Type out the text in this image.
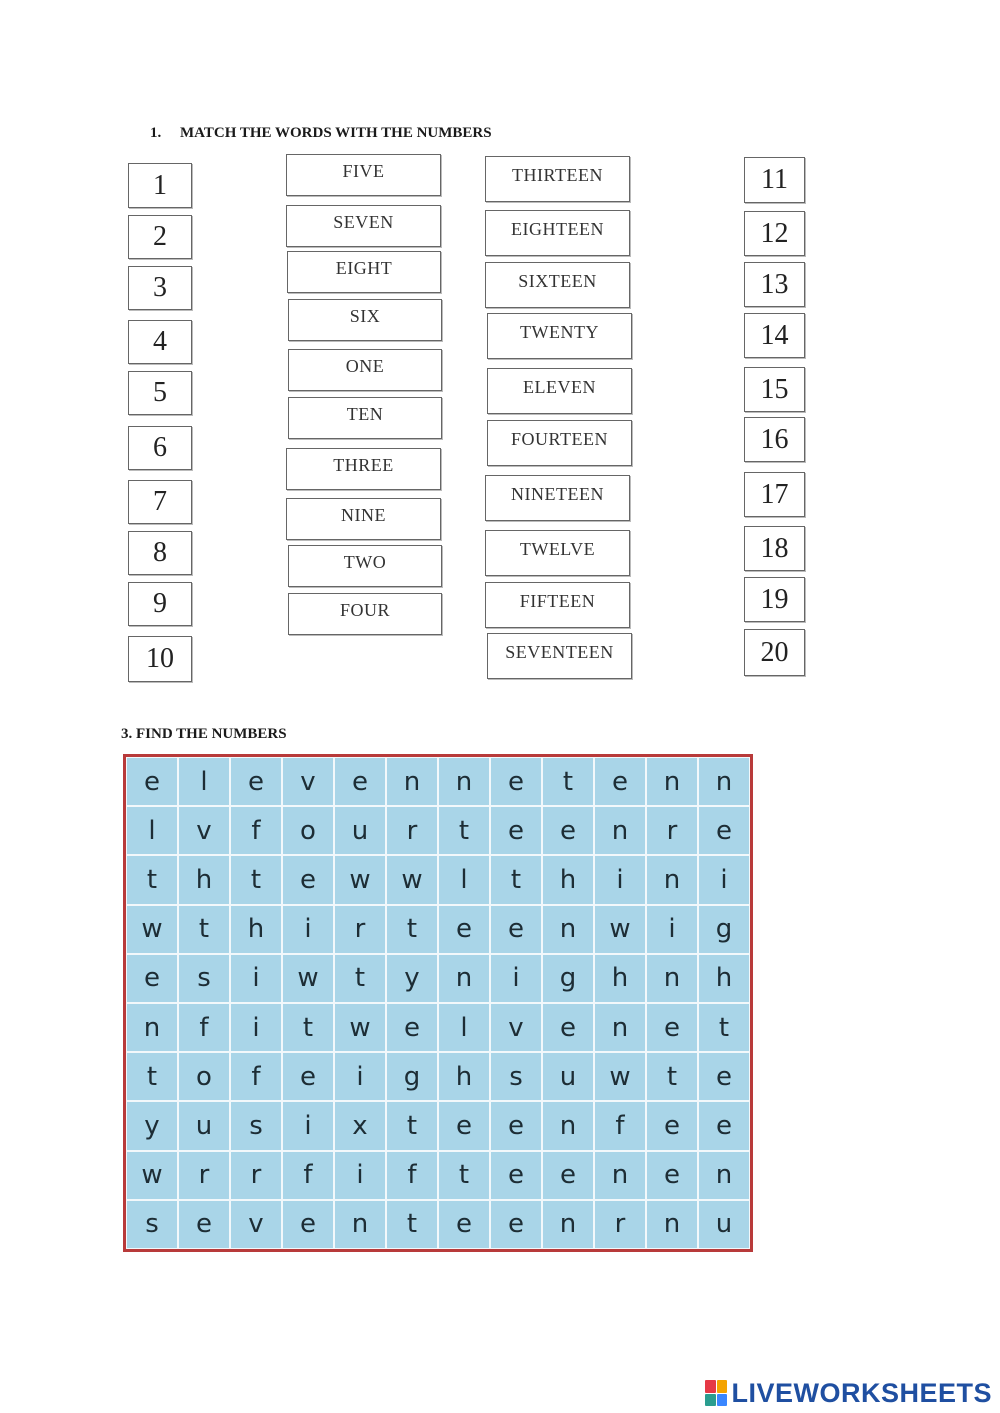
1. MATCH THE WORDS WITH THE NUMBERS
1
2
3
4
5
6
7
8
9
10
FIVE
SEVEN
EIGHT
SIX
ONE
TEN
THREE
NINE
TWO
FOUR
THIRTEEN
EIGHTEEN
SIXTEEN
TWENTY
ELEVEN
FOURTEEN
NINETEEN
TWELVE
FIFTEEN
SEVENTEEN
11
12
13
14
15
16
17
18
19
20
3. FIND THE NUMBERS
e	l	e	v	e	n	n	e	t	e	n	n
l	v	f	o	u	r	t	e	e	n	r	e
t	h	t	e	w	w	l	t	h	i	n	i
w	t	h	i	r	t	e	e	n	w	i	g
e	s	i	w	t	y	n	i	g	h	n	h
n	f	i	t	w	e	l	v	e	n	e	t
t	o	f	e	i	g	h	s	u	w	t	e
y	u	s	i	x	t	e	e	n	f	e	e
w	r	r	f	i	f	t	e	e	n	e	n
s	e	v	e	n	t	e	e	n	r	n	u
LIVEWORKSHEETS
